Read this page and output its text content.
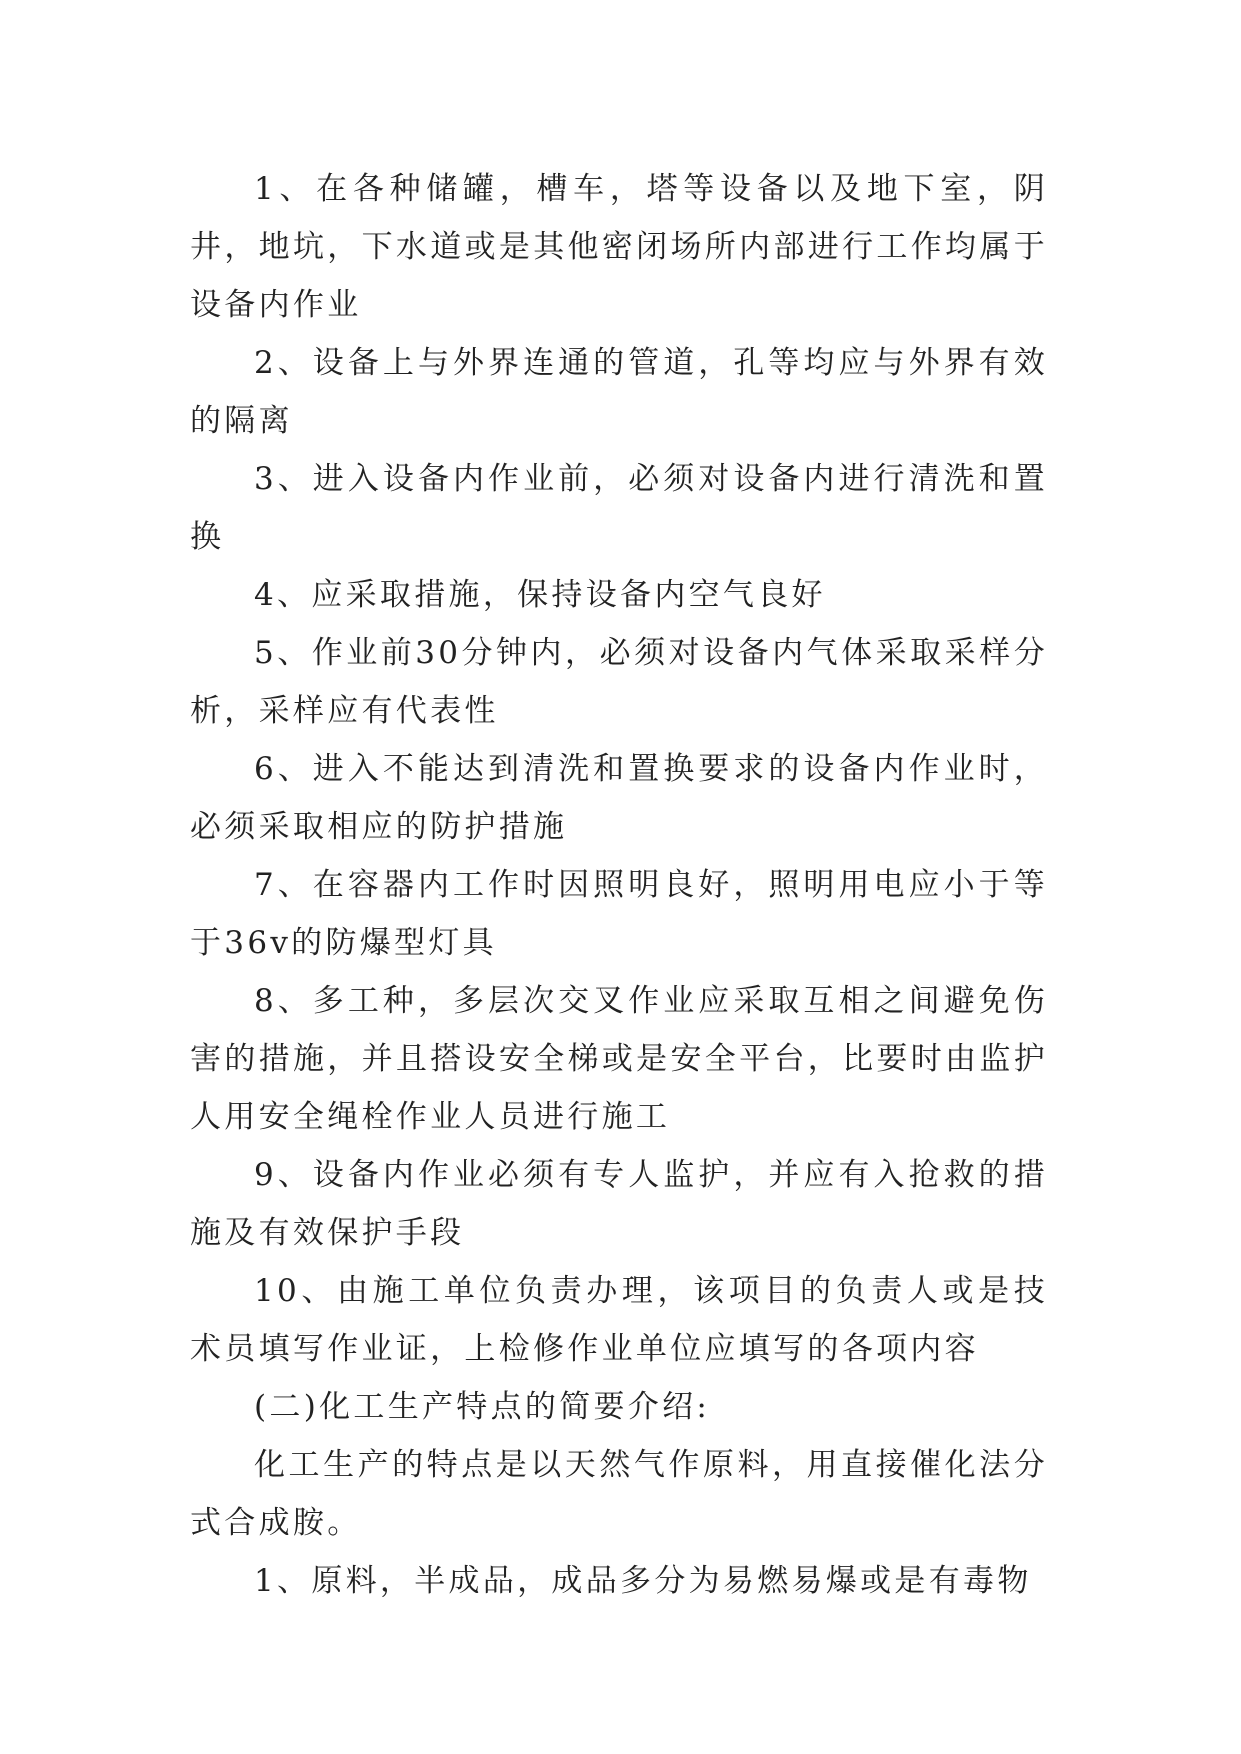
1、在各种储罐，槽车，塔等设备以及地下室，阴井，地坑，下水道或是其他密闭场所内部进行工作均属于设备内作业

2、设备上与外界连通的管道，孔等均应与外界有效的隔离

3、进入设备内作业前，必须对设备内进行清洗和置换

4、应采取措施，保持设备内空气良好

5、作业前30分钟内，必须对设备内气体采取采样分析，采样应有代表性

6、进入不能达到清洗和置换要求的设备内作业时，必须采取相应的防护措施

7、在容器内工作时因照明良好，照明用电应小于等于36v的防爆型灯具

8、多工种，多层次交叉作业应采取互相之间避免伤害的措施，并且搭设安全梯或是安全平台，比要时由监护人用安全绳栓作业人员进行施工

9、设备内作业必须有专人监护，并应有入抢救的措施及有效保护手段

10、由施工单位负责办理，该项目的负责人或是技术员填写作业证，上检修作业单位应填写的各项内容

(二)化工生产特点的简要介绍:

化工生产的特点是以天然气作原料，用直接催化法分式合成胺。

1、原料，半成品，成品多分为易燃易爆或是有毒物
